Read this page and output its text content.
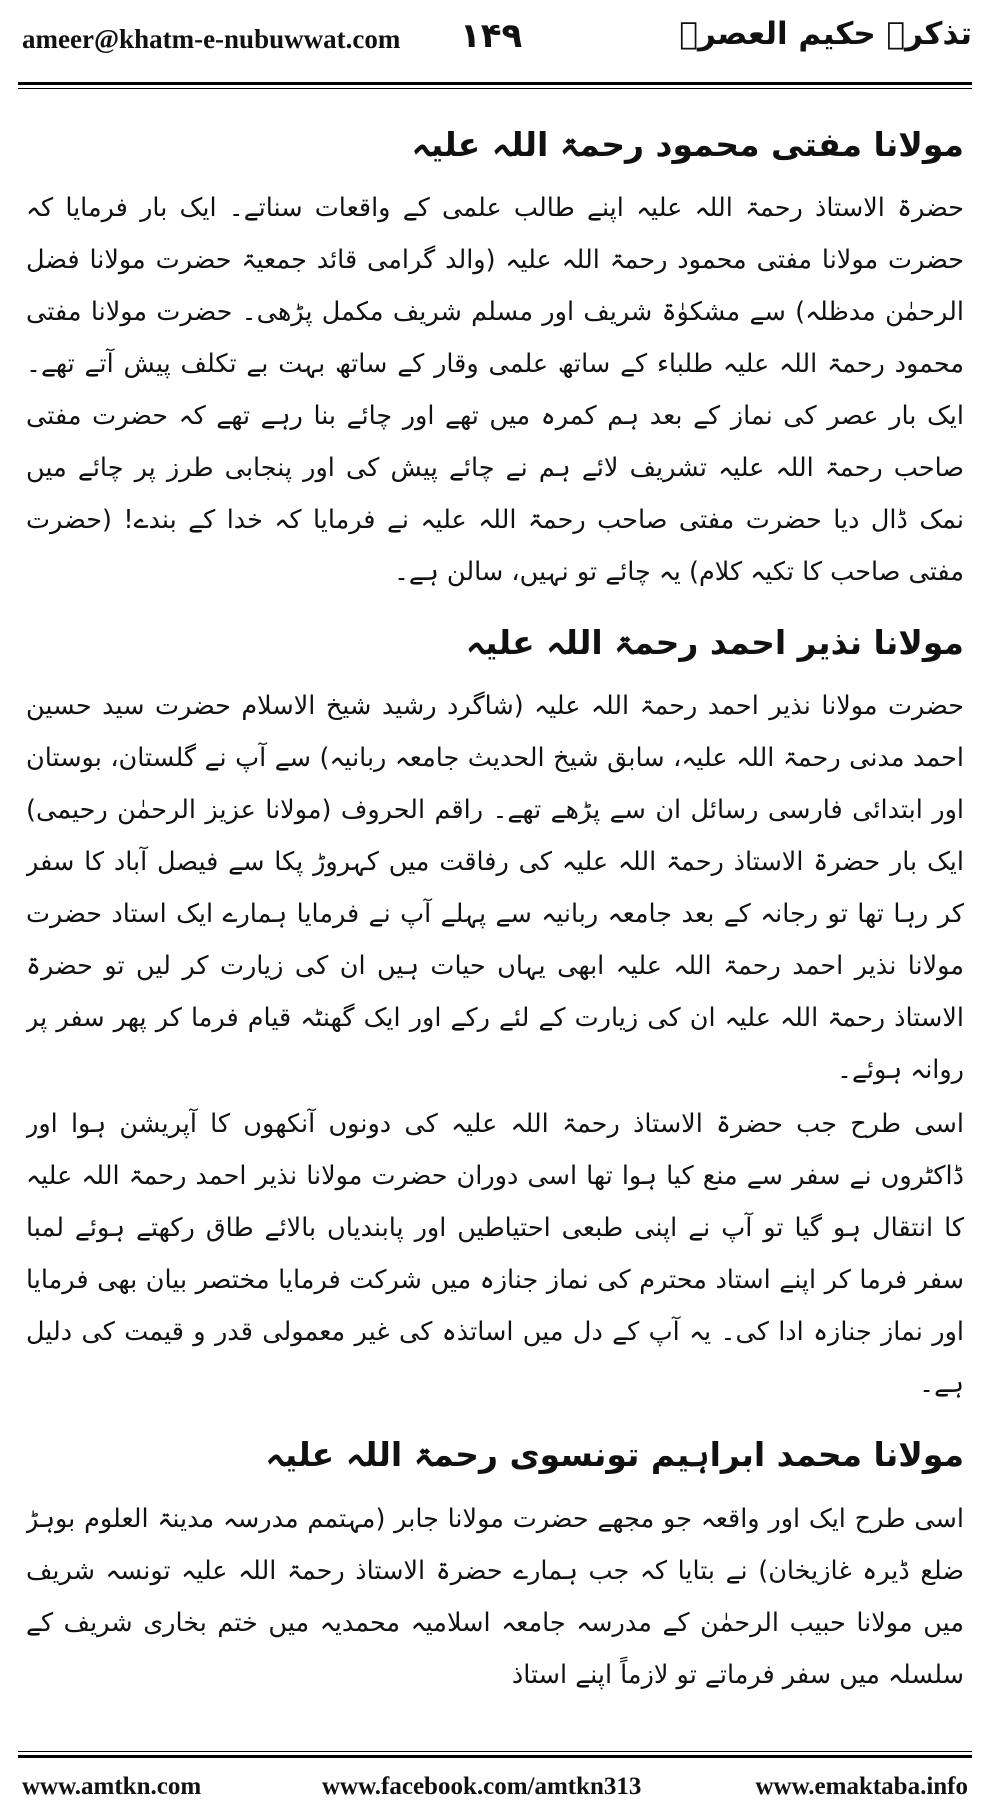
ameer@khatm-e-nubuwwat.com ۱۴۹	تذکرہ حکیم العصرؒ
مولانا مفتی محمود رحمۃ اللہ علیہ

حضرۃ الاستاذ رحمۃ اللہ علیہ اپنے طالب علمی کے واقعات سناتے۔ ایک بار فرمایا کہ حضرت مولانا مفتی محمود رحمۃ اللہ علیہ (والد گرامی قائد جمعیۃ حضرت مولانا فضل الرحمٰن مدظلہ) سے مشکوٰۃ شریف اور مسلم شریف مکمل پڑھی۔ حضرت مولانا مفتی محمود رحمۃ اللہ علیہ طلباء کے ساتھ علمی وقار کے ساتھ بہت بے تکلف پیش آتے تھے۔ ایک بار عصر کی نماز کے بعد ہم کمرہ میں تھے اور چائے بنا رہے تھے کہ حضرت مفتی صاحب رحمۃ اللہ علیہ تشریف لائے ہم نے چائے پیش کی اور پنجابی طرز پر چائے میں نمک ڈال دیا حضرت مفتی صاحب رحمۃ اللہ علیہ نے فرمایا کہ خدا کے بندے! (حضرت مفتی صاحب کا تکیہ کلام) یہ چائے تو نہیں، سالن ہے۔

مولانا نذیر احمد رحمۃ اللہ علیہ

حضرت مولانا نذیر احمد رحمۃ اللہ علیہ (شاگرد رشید شیخ الاسلام حضرت سید حسین احمد مدنی رحمۃ اللہ علیہ، سابق شیخ الحدیث جامعہ ربانیہ) سے آپ نے گلستان، بوستان اور ابتدائی فارسی رسائل ان سے پڑھے تھے۔ راقم الحروف (مولانا عزیز الرحمٰن رحیمی) ایک بار حضرۃ الاستاذ رحمۃ اللہ علیہ کی رفاقت میں کہروڑ پکا سے فیصل آباد کا سفر کر رہا تھا تو رجانہ کے بعد جامعہ ربانیہ سے پہلے آپ نے فرمایا ہمارے ایک استاد حضرت مولانا نذیر احمد رحمۃ اللہ علیہ ابھی یہاں حیات ہیں ان کی زیارت کر لیں تو حضرۃ الاستاذ رحمۃ اللہ علیہ ان کی زیارت کے لئے رکے اور ایک گھنٹہ قیام فرما کر پھر سفر پر روانہ ہوئے۔

اسی طرح جب حضرۃ الاستاذ رحمۃ اللہ علیہ کی دونوں آنکھوں کا آپریشن ہوا اور ڈاکٹروں نے سفر سے منع کیا ہوا تھا اسی دوران حضرت مولانا نذیر احمد رحمۃ اللہ علیہ کا انتقال ہو گیا تو آپ نے اپنی طبعی احتیاطیں اور پابندیاں بالائے طاق رکھتے ہوئے لمبا سفر فرما کر اپنے استاد محترم کی نماز جنازہ میں شرکت فرمایا مختصر بیان بھی فرمایا اور نماز جنازہ ادا کی۔ یہ آپ کے دل میں اساتذہ کی غیر معمولی قدر و قیمت کی دلیل ہے۔

مولانا محمد ابراہیم تونسوی رحمۃ اللہ علیہ

اسی طرح ایک اور واقعہ جو مجھے حضرت مولانا جابر (مہتمم مدرسہ مدینۃ العلوم بوہڑ ضلع ڈیرہ غازیخان) نے بتایا کہ جب ہمارے حضرۃ الاستاذ رحمۃ اللہ علیہ تونسہ شریف میں مولانا حبیب الرحمٰن کے مدرسہ جامعہ اسلامیہ محمدیہ میں ختم بخاری شریف کے سلسلہ میں سفر فرماتے تو لازماً اپنے استاذ

www.amtkn.com	www.facebook.com/amtkn313	www.emaktaba.info
